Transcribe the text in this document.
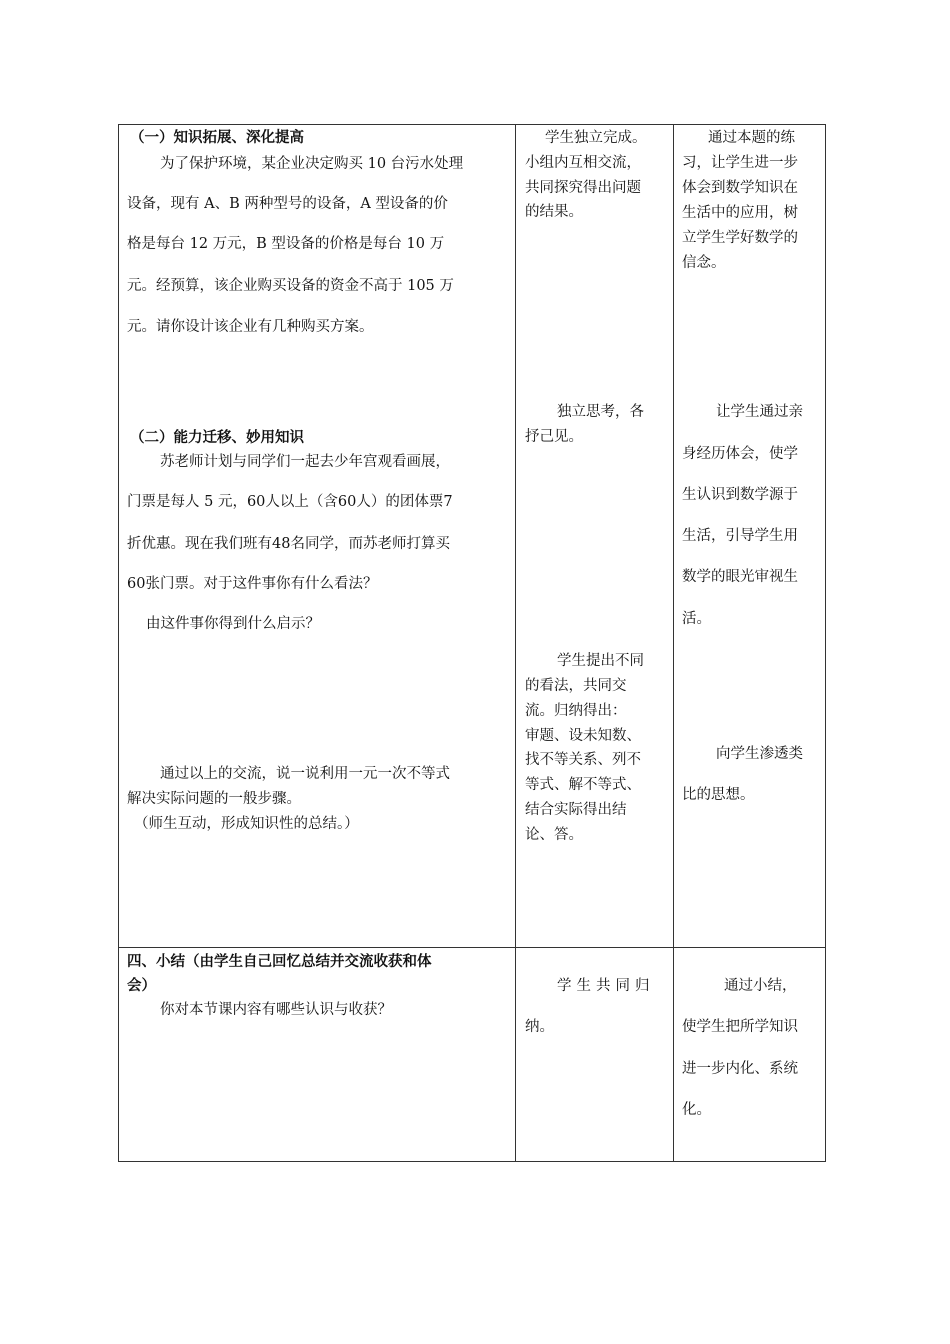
（一）知识拓展、深化提高

为了保护环境，某企业决定购买 10 台污水处理

设备，现有 A、B 两种型号的设备，A 型设备的价

格是每台 12 万元，B 型设备的价格是每台 10 万

元。经预算，该企业购买设备的资金不高于 105 万

元。请你设计该企业有几种购买方案。

学生独立完成。

小组内互相交流，

共同探究得出问题

的结果。

通过本题的练

习，让学生进一步

体会到数学知识在

生活中的应用，树

立学生学好数学的

信念。

（二）能力迁移、妙用知识

苏老师计划与同学们一起去少年宫观看画展，

门票是每人 5 元，60人以上（含60人）的团体票7

折优惠。现在我们班有48名同学，而苏老师打算买

60张门票。对于这件事你有什么看法？

由这件事你得到什么启示？

独立思考，各

抒己见。

让学生通过亲

身经历体会，使学

生认识到数学源于

生活，引导学生用

数学的眼光审视生

活。

通过以上的交流，说一说利用一元一次不等式

解决实际问题的一般步骤。

（师生互动，形成知识性的总结。）

学生提出不同

的看法，共同交

流。归纳得出：

审题、设未知数、

找不等关系、列不

等式、解不等式、

结合实际得出结

论、答。

向学生渗透类

比的思想。

四、小结（由学生自己回忆总结并交流收获和体

会）

你对本节课内容有哪些认识与收获？

学生共同归

纳。

通过小结，

使学生把所学知识

进一步内化、系统

化。
